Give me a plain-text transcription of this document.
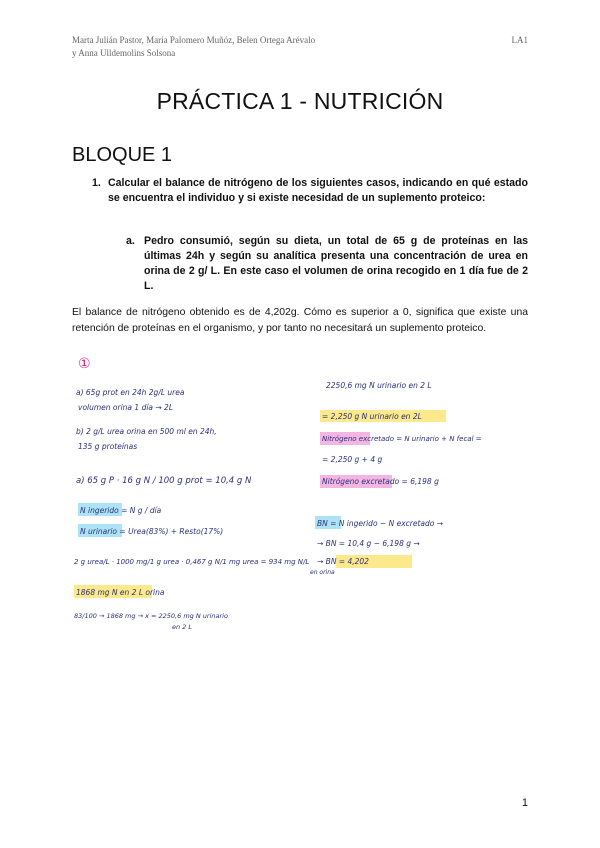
Marta Julián Pastor, María Palomero Muñóz, Belen Ortega Arévalo
y Anna Ulldemolins Solsona
LA1
PRÁCTICA 1 - NUTRICIÓN
BLOQUE 1
1. Calcular el balance de nitrógeno de los siguientes casos, indicando en qué estado se encuentra el individuo y si existe necesidad de un suplemento proteico:
a. Pedro consumió, según su dieta, un total de 65 g de proteínas en las últimas 24h y según su analítica presenta una concentración de urea en orina de 2 g/ L. En este caso el volumen de orina recogido en 1 día fue de 2 L.
El balance de nitrógeno obtenido es de 4,202g. Cómo es superior a 0, significa que existe una retención de proteínas en el organismo, y por tanto no necesitará un suplemento proteico.
①
a) 65g prot en 24h 2g/L urea
volumen orina 1 día → 2L
b) 2 g/L urea orina en 500 ml en 24h,
135 g proteínas
a) 65 g P · 16 g N / 100 g prot = 10,4 g N
N ingerido = N g / día
N urinario = Urea(83%) + Resto(17%)
2 g urea/L · 1000 mg/1 g urea · 0,467 g N/1 mg urea = 934 mg N/L
en orina
1868 mg N en 2 L orina
83/100 → 1868 mg → x = 2250,6 mg N urinario
en 2 L
2250,6 mg N urinario en 2 L
= 2,250 g N urinario en 2L
Nitrógeno excretado = N urinario + N fecal =
= 2,250 g + 4 g
Nitrógeno excretado = 6,198 g
BN = N ingerido − N excretado →
→ BN = 10,4 g − 6,198 g →
→ BN = 4,202
1
